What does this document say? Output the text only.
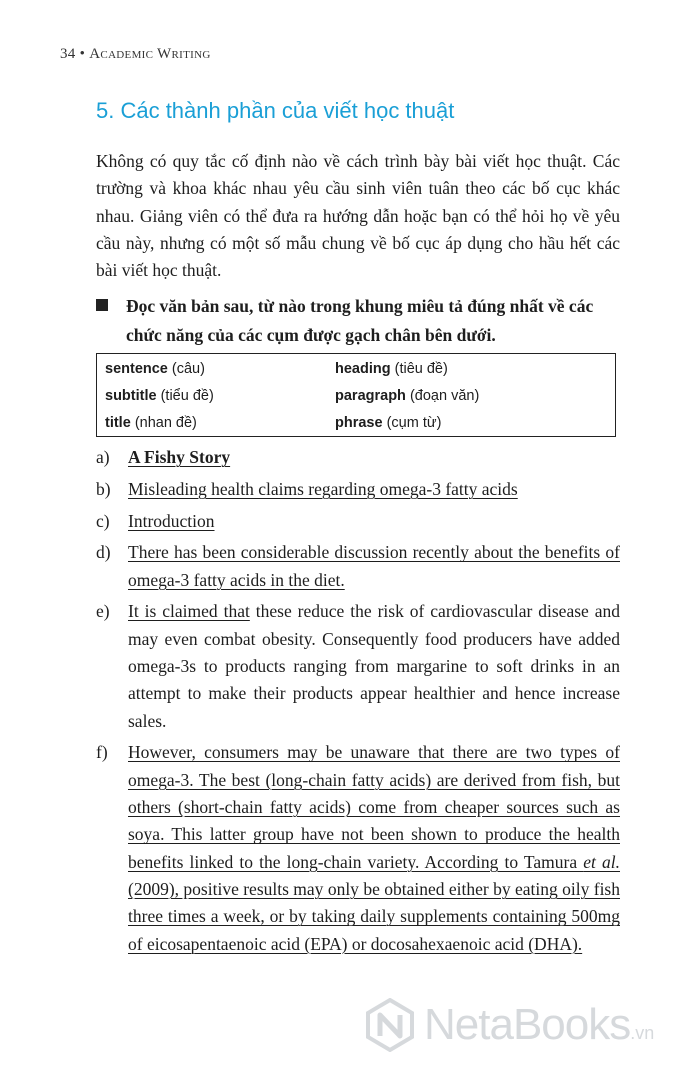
34 • Academic Writing
5. Các thành phần của viết học thuật

Không có quy tắc cố định nào về cách trình bày bài viết học thuật. Các trường và khoa khác nhau yêu cầu sinh viên tuân theo các bố cục khác nhau. Giảng viên có thể đưa ra hướng dẫn hoặc bạn có thể hỏi họ về yêu cầu này, nhưng có một số mẫu chung về bố cục áp dụng cho hầu hết các bài viết học thuật.

Đọc văn bản sau, từ nào trong khung miêu tả đúng nhất về các chức năng của các cụm được gạch chân bên dưới.

sentence (câu)	heading (tiêu đề)
subtitle (tiểu đề)	paragraph (đoạn văn)
title (nhan đề)	phrase (cụm từ)
a) A Fishy Story
b) Misleading health claims regarding omega-3 fatty acids
c) Introduction
d) There has been considerable discussion recently about the benefits of omega-3 fatty acids in the diet.
e) It is claimed that these reduce the risk of cardiovascular disease and may even combat obesity. Consequently food producers have added omega-3s to products ranging from margarine to soft drinks in an attempt to make their products appear healthier and hence increase sales.
f) However, consumers may be unaware that there are two types of omega-3. The best (long-chain fatty acids) are derived from fish, but others (short-chain fatty acids) come from cheaper sources such as soya. This latter group have not been shown to produce the health benefits linked to the long-chain variety. According to Tamura et al. (2009), positive results may only be obtained either by eating oily fish three times a week, or by taking daily supplements containing 500mg of eicosapentaenoic acid (EPA) or docosahexaenoic acid (DHA).
NetaBooks.vn
